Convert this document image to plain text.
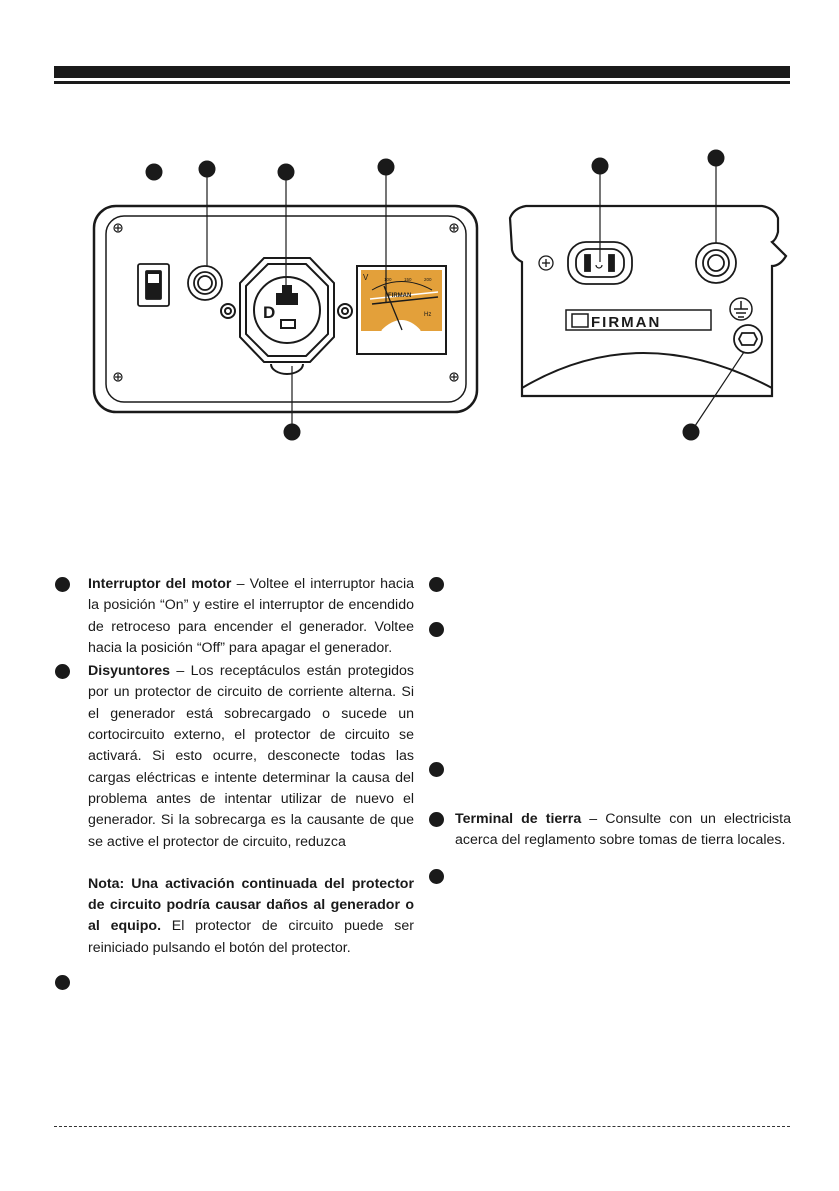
D
V
FIRMAN
Hz	FIRMAN
100	150	200
Interruptor del motor – Voltee el interruptor hacia la posición “On” y estire el interruptor de encendido de retroceso para encender el generador. Voltee hacia la posición “Off” para apagar el generador.
Disyuntores – Los receptáculos están protegidos por un protector de circuito de corriente alterna. Si el generador está sobrecargado o sucede un cortocircuito externo, el protector de circuito se activará. Si esto ocurre, desconecte todas las cargas eléctricas e intente determinar la causa del problema antes de intentar utilizar de nuevo el generador. Si la sobrecarga es la causante de que se active el protector de circuito, reduzca
Nota: Una activación continuada del protector de circuito podría causar daños al generador o al equipo. El protector de circuito puede ser reiniciado pulsando el botón del protector.
Terminal de tierra – Consulte con un electricista acerca del reglamento sobre tomas de tierra locales.
